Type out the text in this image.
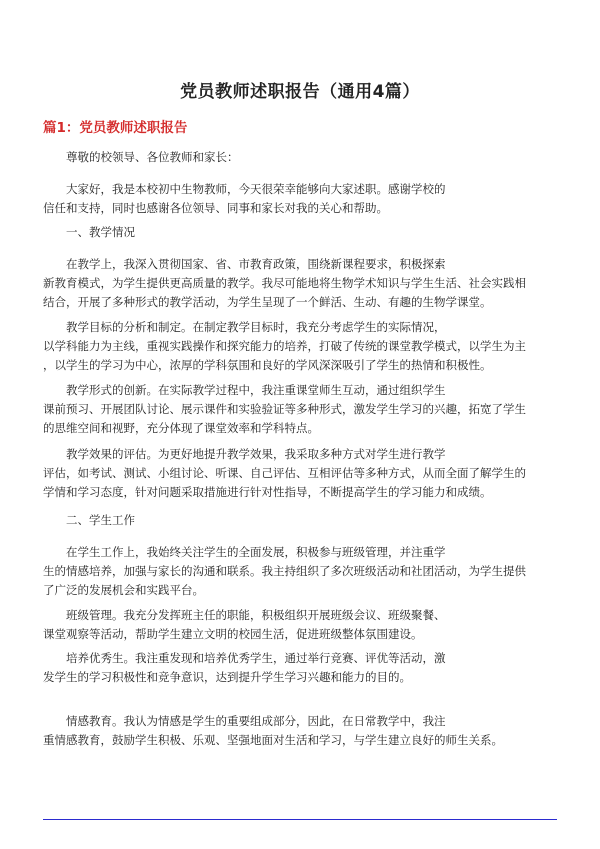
党员教师述职报告（通用4篇）
篇1：党员教师述职报告
尊敬的校领导、各位教师和家长：
大家好，我是本校初中生物教师，今天很荣幸能够向大家述职。感谢学校的
信任和支持，同时也感谢各位领导、同事和家长对我的关心和帮助。
一、教学情况
在教学上，我深入贯彻国家、省、市教育政策，围绕新课程要求，积极探索
新教育模式，为学生提供更高质量的教学。我尽可能地将生物学术知识与学生生活、社会实践相
结合，开展了多种形式的教学活动，为学生呈现了一个鲜活、生动、有趣的生物学课堂。
教学目标的分析和制定。在制定教学目标时，我充分考虑学生的实际情况，
以学科能力为主线，重视实践操作和探究能力的培养，打破了传统的课堂教学模式，以学生为主
，以学生的学习为中心，浓厚的学科氛围和良好的学风深深吸引了学生的热情和积极性。
教学形式的创新。在实际教学过程中，我注重课堂师生互动，通过组织学生
课前预习、开展团队讨论、展示课件和实验验证等多种形式，激发学生学习的兴趣，拓宽了学生
的思维空间和视野，充分体现了课堂效率和学科特点。
教学效果的评估。为更好地提升教学效果，我采取多种方式对学生进行教学
评估，如考试、测试、小组讨论、听课、自己评估、互相评估等多种方式，从而全面了解学生的
学情和学习态度，针对问题采取措施进行针对性指导，不断提高学生的学习能力和成绩。
二、学生工作
在学生工作上，我始终关注学生的全面发展，积极参与班级管理，并注重学
生的情感培养，加强与家长的沟通和联系。我主持组织了多次班级活动和社团活动，为学生提供
了广泛的发展机会和实践平台。
班级管理。我充分发挥班主任的职能，积极组织开展班级会议、班级聚餐、
课堂观察等活动，帮助学生建立文明的校园生活，促进班级整体氛围建设。
培养优秀生。我注重发现和培养优秀学生，通过举行竞赛、评优等活动，激
发学生的学习积极性和竞争意识，达到提升学生学习兴趣和能力的目的。
情感教育。我认为情感是学生的重要组成部分，因此，在日常教学中，我注
重情感教育，鼓励学生积极、乐观、坚强地面对生活和学习，与学生建立良好的师生关系。
